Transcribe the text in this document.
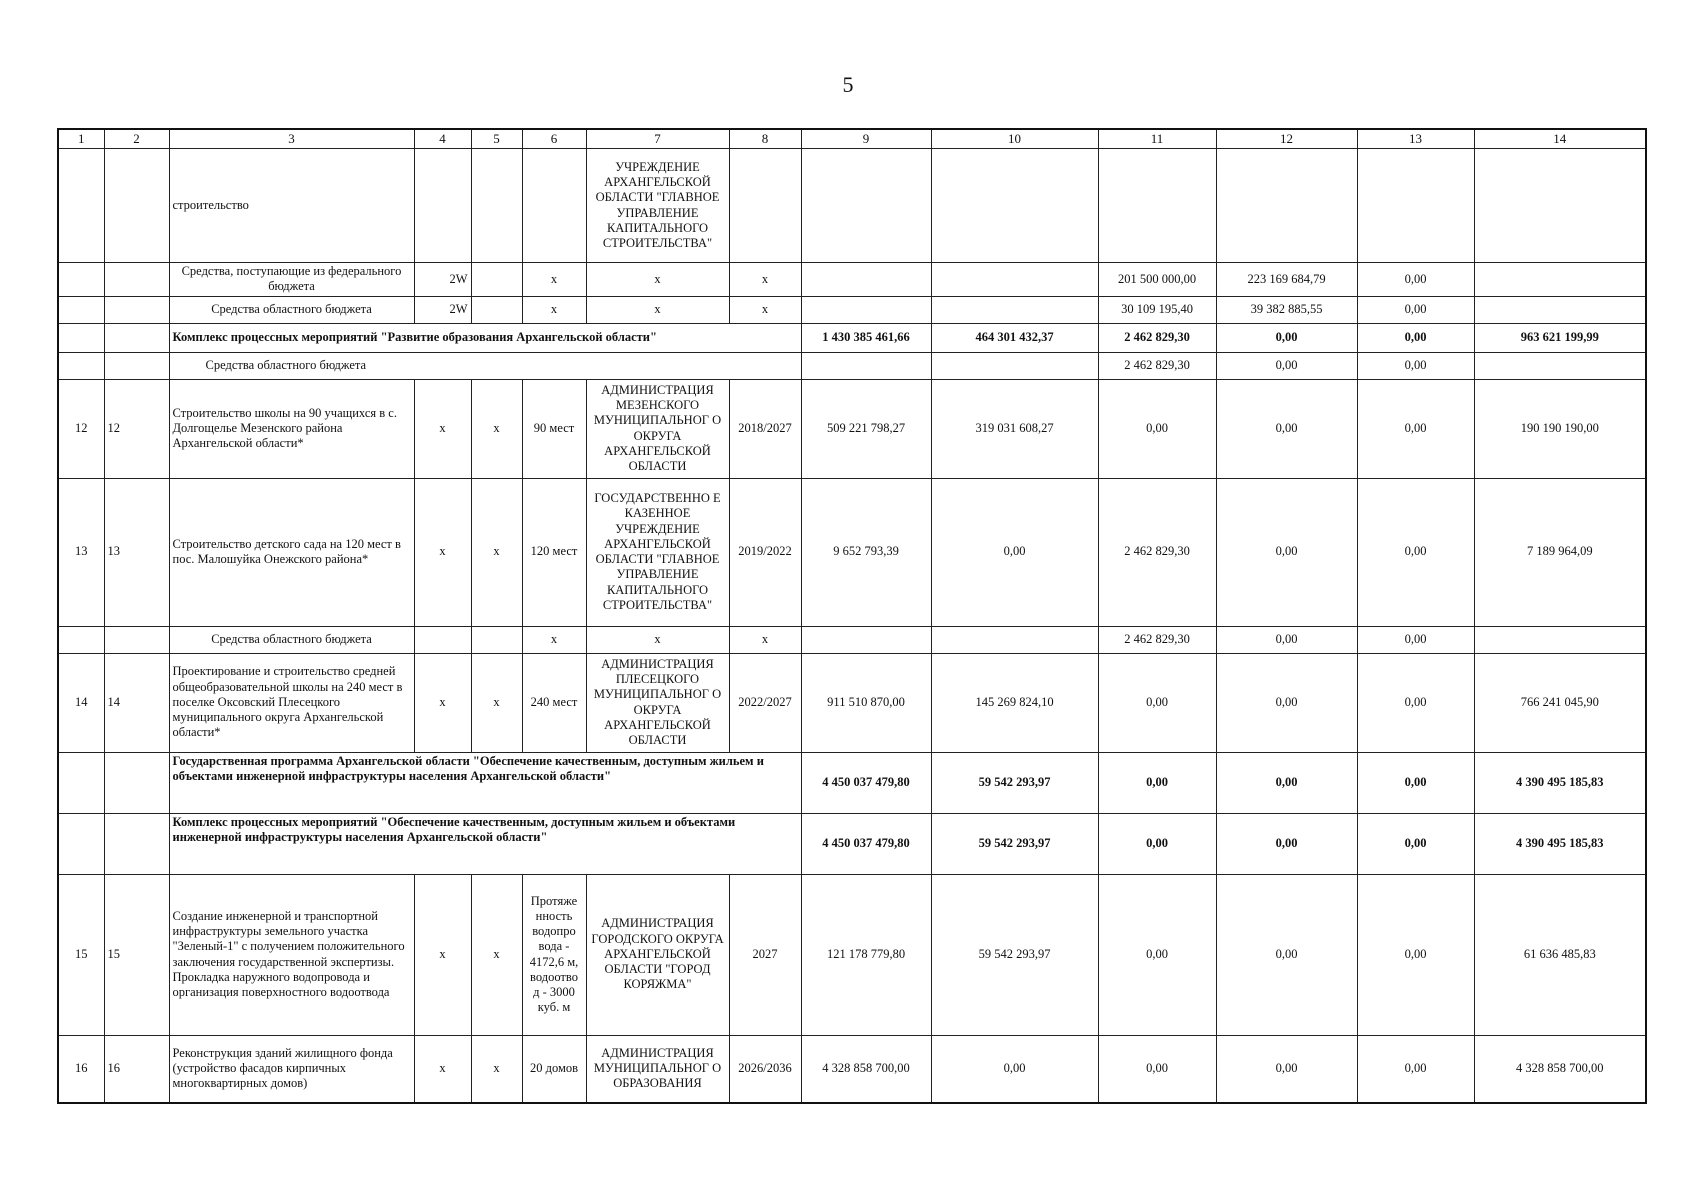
5
1	2	3	4	5	6	7	8	9	10	11	12	13	14
		строительство				УЧРЕЖДЕНИЕ АРХАНГЕЛЬСКОЙ ОБЛАСТИ "ГЛАВНОЕ УПРАВЛЕНИЕ КАПИТАЛЬНОГО СТРОИТЕЛЬСТВА"							
		Средства, поступающие из федерального бюджета	2W		x	x	x			201 500 000,00	223 169 684,79	0,00	
		Средства областного бюджета	2W		x	x	x			30 109 195,40	39 382 885,55	0,00	
		Комплекс процессных мероприятий "Развитие образования Архангельской области"						1 430 385 461,66	464 301 432,37	2 462 829,30	0,00	0,00	963 621 199,99
		Средства областного бюджета								2 462 829,30	0,00	0,00	
12	12	Строительство школы на 90 учащихся в с. Долгощелье Мезенского района Архангельской области*	x	x	90 мест	АДМИНИСТРАЦИЯ МЕЗЕНСКОГО МУНИЦИПАЛЬНОГ О ОКРУГА АРХАНГЕЛЬСКОЙ ОБЛАСТИ	2018/2027	509 221 798,27	319 031 608,27	0,00	0,00	0,00	190 190 190,00
13	13	Строительство детского сада на 120 мест в пос. Малошуйка Онежского района*	x	x	120 мест	ГОСУДАРСТВЕННО Е КАЗЕННОЕ УЧРЕЖДЕНИЕ АРХАНГЕЛЬСКОЙ ОБЛАСТИ "ГЛАВНОЕ УПРАВЛЕНИЕ КАПИТАЛЬНОГО СТРОИТЕЛЬСТВА"	2019/2022	9 652 793,39	0,00	2 462 829,30	0,00	0,00	7 189 964,09
		Средства областного бюджета			x	x	x			2 462 829,30	0,00	0,00	
14	14	Проектирование и строительство средней общеобразовательной школы на 240 мест в поселке Оксовский Плесецкого муниципального округа Архангельской области*	x	x	240 мест	АДМИНИСТРАЦИЯ ПЛЕСЕЦКОГО МУНИЦИПАЛЬНОГ О ОКРУГА АРХАНГЕЛЬСКОЙ ОБЛАСТИ	2022/2027	911 510 870,00	145 269 824,10	0,00	0,00	0,00	766 241 045,90
		Государственная программа Архангельской области "Обеспечение качественным, доступным жильем и объектами инженерной инфраструктуры населения Архангельской области"						4 450 037 479,80	59 542 293,97	0,00	0,00	0,00	4 390 495 185,83
		Комплекс процессных мероприятий "Обеспечение качественным, доступным жильем и объектами инженерной инфраструктуры населения Архангельской области"						4 450 037 479,80	59 542 293,97	0,00	0,00	0,00	4 390 495 185,83
15	15	Создание инженерной и транспортной инфраструктуры земельного участка "Зеленый-1" с получением положительного заключения государственной экспертизы. Прокладка наружного водопровода и организация поверхностного водоотвода	x	x	Протяже нность водопро вода - 4172,6 м, водоотво д - 3000 куб. м	АДМИНИСТРАЦИЯ ГОРОДСКОГО ОКРУГА АРХАНГЕЛЬСКОЙ ОБЛАСТИ "ГОРОД КОРЯЖМА"	2027	121 178 779,80	59 542 293,97	0,00	0,00	0,00	61 636 485,83
16	16	Реконструкция зданий жилищного фонда (устройство фасадов кирпичных многоквартирных домов)	x	x	20 домов	АДМИНИСТРАЦИЯ МУНИЦИПАЛЬНОГ О ОБРАЗОВАНИЯ	2026/2036	4 328 858 700,00	0,00	0,00	0,00	0,00	4 328 858 700,00
